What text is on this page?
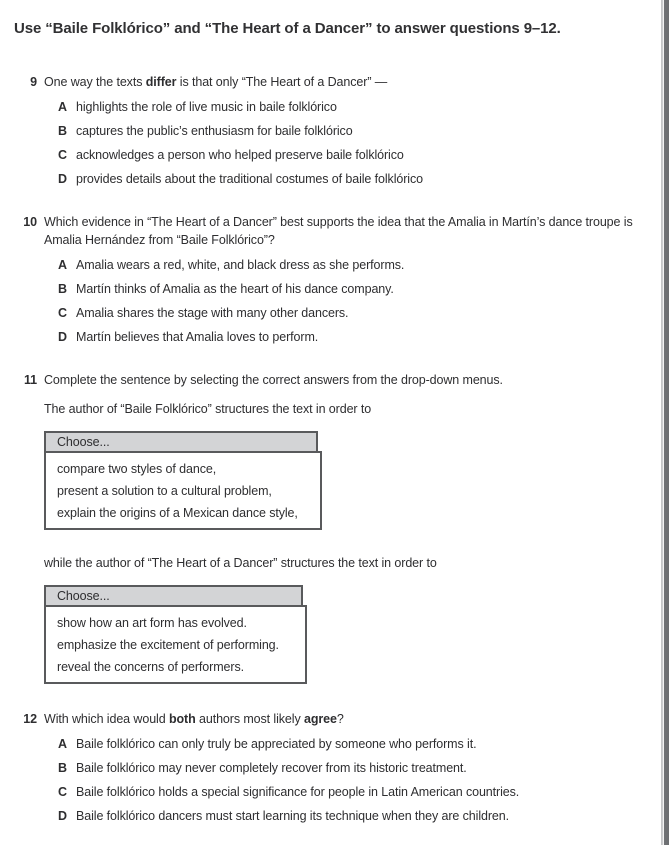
Use “Baile Folklórico” and “The Heart of a Dancer” to answer questions 9–12.
9 One way the texts differ is that only “The Heart of a Dancer” —
A highlights the role of live music in baile folklórico
B captures the public’s enthusiasm for baile folklórico
C acknowledges a person who helped preserve baile folklórico
D provides details about the traditional costumes of baile folklórico
10 Which evidence in “The Heart of a Dancer” best supports the idea that the Amalia in Martín’s dance troupe is Amalia Hernández from “Baile Folklórico”?
A Amalia wears a red, white, and black dress as she performs.
B Martín thinks of Amalia as the heart of his dance company.
C Amalia shares the stage with many other dancers.
D Martín believes that Amalia loves to perform.
11 Complete the sentence by selecting the correct answers from the drop-down menus.
The author of “Baile Folklórico” structures the text in order to
Choose...
compare two styles of dance,
present a solution to a cultural problem,
explain the origins of a Mexican dance style,
while the author of “The Heart of a Dancer” structures the text in order to
Choose...
show how an art form has evolved.
emphasize the excitement of performing.
reveal the concerns of performers.
12 With which idea would both authors most likely agree?
A Baile folklórico can only truly be appreciated by someone who performs it.
B Baile folklórico may never completely recover from its historic treatment.
C Baile folklórico holds a special significance for people in Latin American countries.
D Baile folklórico dancers must start learning its technique when they are children.
